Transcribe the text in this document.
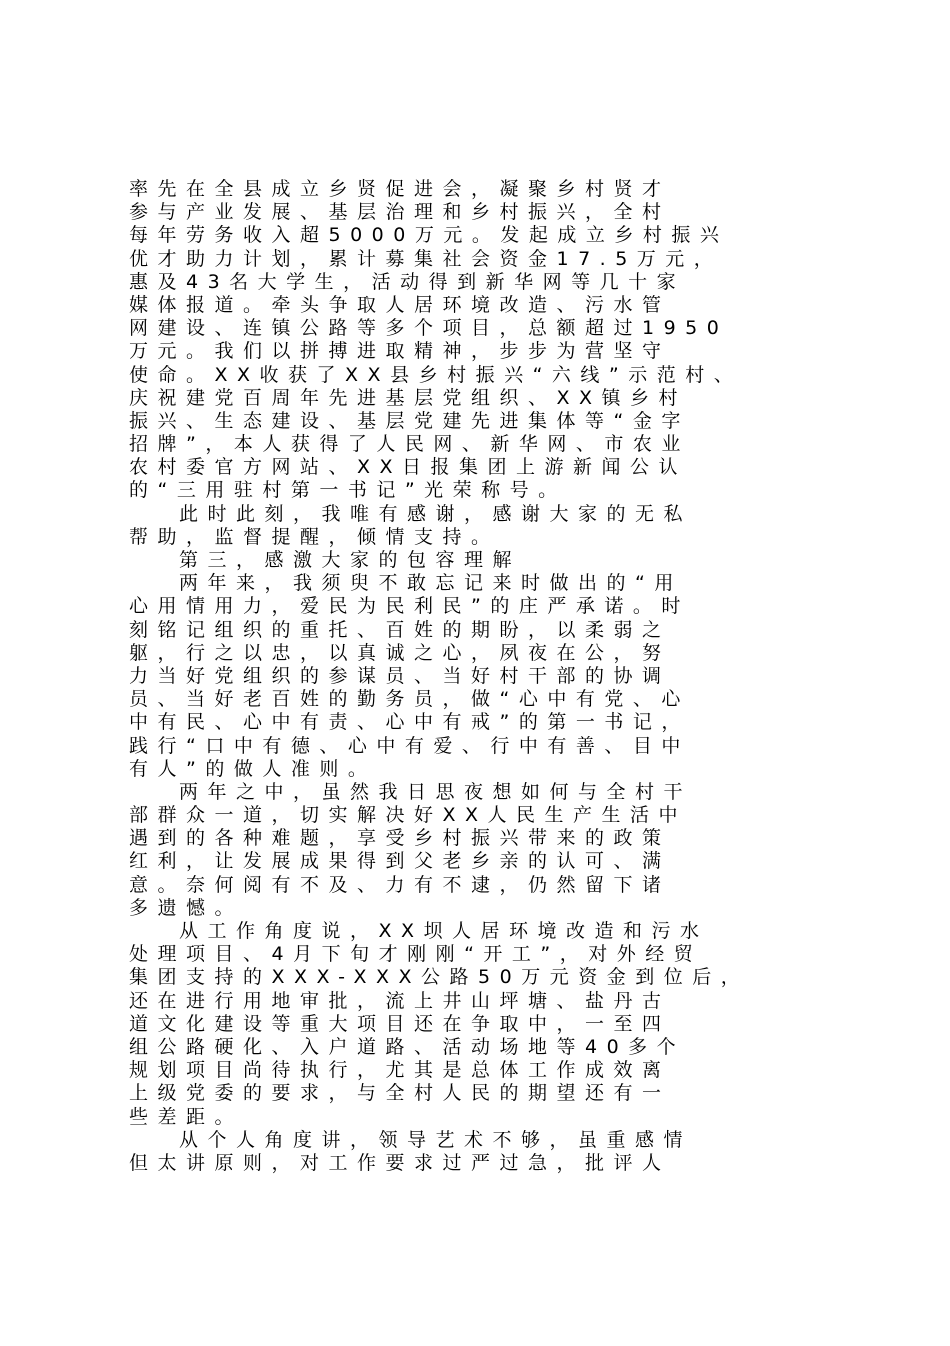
率先在全县成立乡贤促进会，凝聚乡村贤才
参与产业发展、基层治理和乡村振兴，全村
每年劳务收入超5000万元。发起成立乡村振兴
优才助力计划，累计募集社会资金17.5万元，
惠及43名大学生，活动得到新华网等几十家
媒体报道。牵头争取人居环境改造、污水管
网建设、连镇公路等多个项目，总额超过1950
万元。我们以拼搏进取精神，步步为营坚守
使命。XX收获了XX县乡村振兴“六线”示范村、
庆祝建党百周年先进基层党组织、XX镇乡村
振兴、生态建设、基层党建先进集体等“金字
招牌”，本人获得了人民网、新华网、市农业
农村委官方网站、XX日报集团上游新闻公认
的“三用驻村第一书记”光荣称号。
此时此刻，我唯有感谢，感谢大家的无私
帮助，监督提醒，倾情支持。
第三，感激大家的包容理解
两年来，我须臾不敢忘记来时做出的“用
心用情用力，爱民为民利民”的庄严承诺。时
刻铭记组织的重托、百姓的期盼，以柔弱之
躯，行之以忠，以真诚之心，夙夜在公，努
力当好党组织的参谋员、当好村干部的协调
员、当好老百姓的勤务员，做“心中有党、心
中有民、心中有责、心中有戒”的第一书记，
践行“口中有德、心中有爱、行中有善、目中
有人”的做人准则。
两年之中，虽然我日思夜想如何与全村干
部群众一道，切实解决好XX人民生产生活中
遇到的各种难题，享受乡村振兴带来的政策
红利，让发展成果得到父老乡亲的认可、满
意。奈何阅有不及、力有不逮，仍然留下诸
多遗憾。
从工作角度说，XX坝人居环境改造和污水
处理项目、4月下旬才刚刚“开工”，对外经贸
集团支持的XXX-XXX公路50万元资金到位后，
还在进行用地审批，流上井山坪塘、盐丹古
道文化建设等重大项目还在争取中，一至四
组公路硬化、入户道路、活动场地等40多个
规划项目尚待执行，尤其是总体工作成效离
上级党委的要求，与全村人民的期望还有一
些差距。
从个人角度讲，领导艺术不够，虽重感情
但太讲原则，对工作要求过严过急，批评人
